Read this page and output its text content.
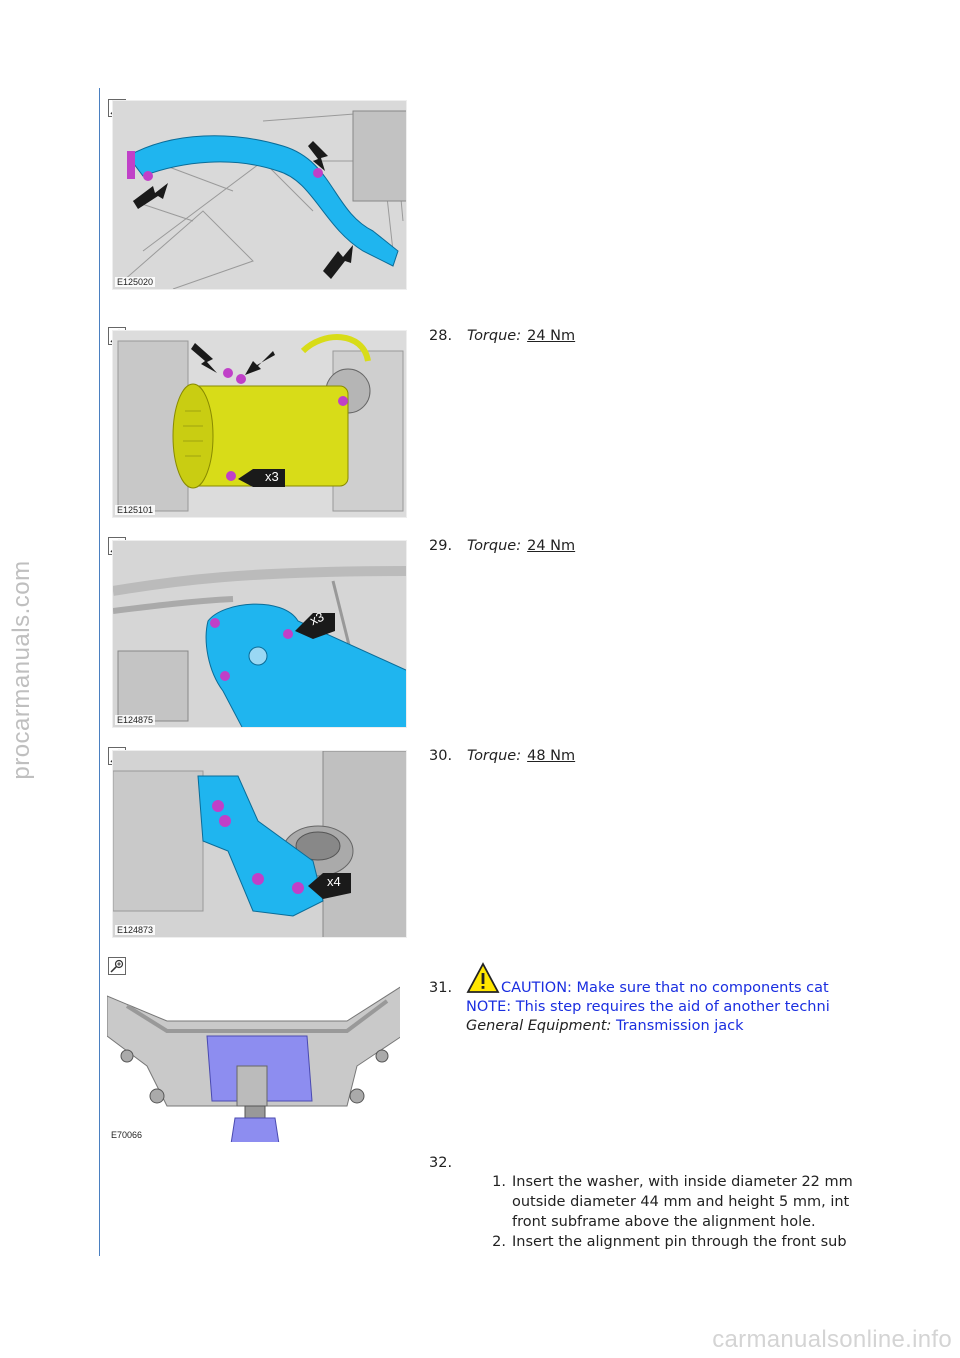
procarmanuals.com
carmanualsonline.info
E125020
x3
E125101
28. Torque: 24 Nm
x3
E124875
29. Torque: 24 Nm
x4
E124873
30. Torque: 48 Nm
E70066
31.	CAUTION: Make sure that no components cat
NOTE: This step requires the aid of another techni
General Equipment: Transmission jack
32.
1. Insert the washer, with inside diameter 22 mm
outside diameter 44 mm and height 5 mm, int
front subframe above the alignment hole.
2. Insert the alignment pin through the front sub
